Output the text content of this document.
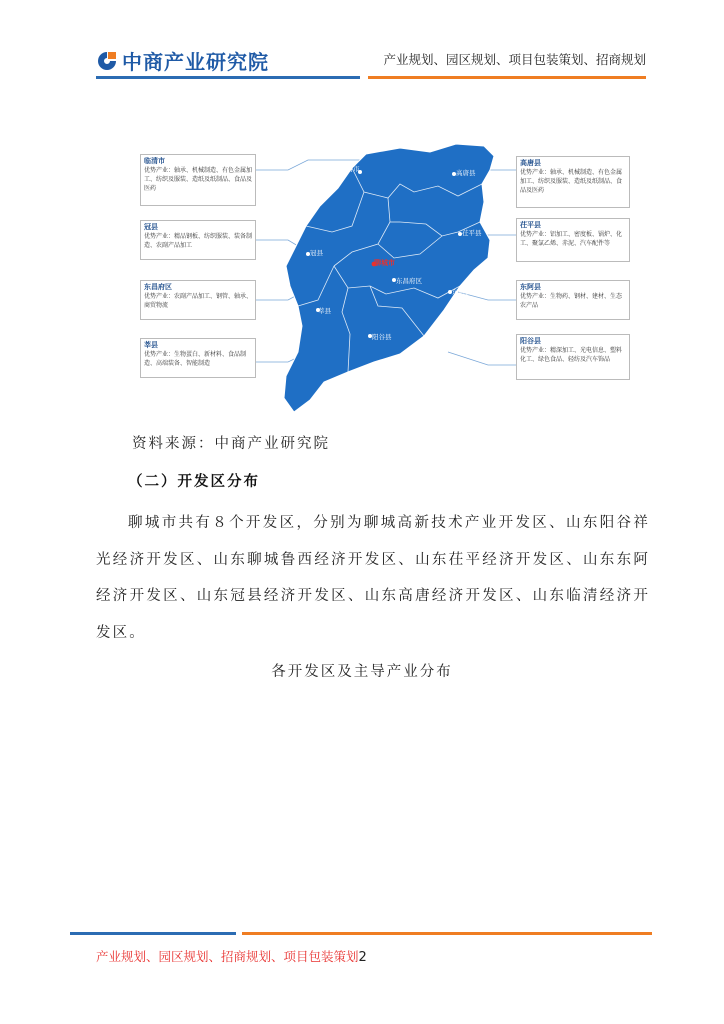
中商产业研究院	产业规划、园区规划、项目包装策划、招商规划
临清市	高唐县
冠县
茌平县
东昌府区
东阿县
莘县
阳谷县
聊城市
临清市
优势产业：轴承、机械制造、有色金属加工、纺织及服装、造纸及纸制品、食品及医药
冠县
优势产业：精品钢板、纺织服装、装备制造、农副产品加工
东昌府区
优势产业：农副产品加工、钢管、轴承、商贸物流
莘县
优势产业：生物蛋白、新材料、食品制造、高端装备、智能制造
高唐县
优势产业：轴承、机械制造、有色金属加工、纺织及服装、造纸及纸制品、食品及医药
茌平县
优势产业：铝加工、密度板、锅炉、化工、聚氯乙烯、赤泥、汽车配件等
东阿县
优势产业：生物药、钢材、建材、生态农产品
阳谷县
优势产业：精深加工、光电信息、塑料化工、绿色食品、轻纺及汽车饰品
资料来源：中商产业研究院
（二）开发区分布
聊城市共有８个开发区，分别为聊城高新技术产业开发区、山东阳谷祥光经济开发区、山东聊城鲁西经济开发区、山东茌平经济开发区、山东东阿经济开发区、山东冠县经济开发区、山东高唐经济开发区、山东临清经济开发区。
各开发区及主导产业分布
产业规划、园区规划、招商规划、项目包装策划2
